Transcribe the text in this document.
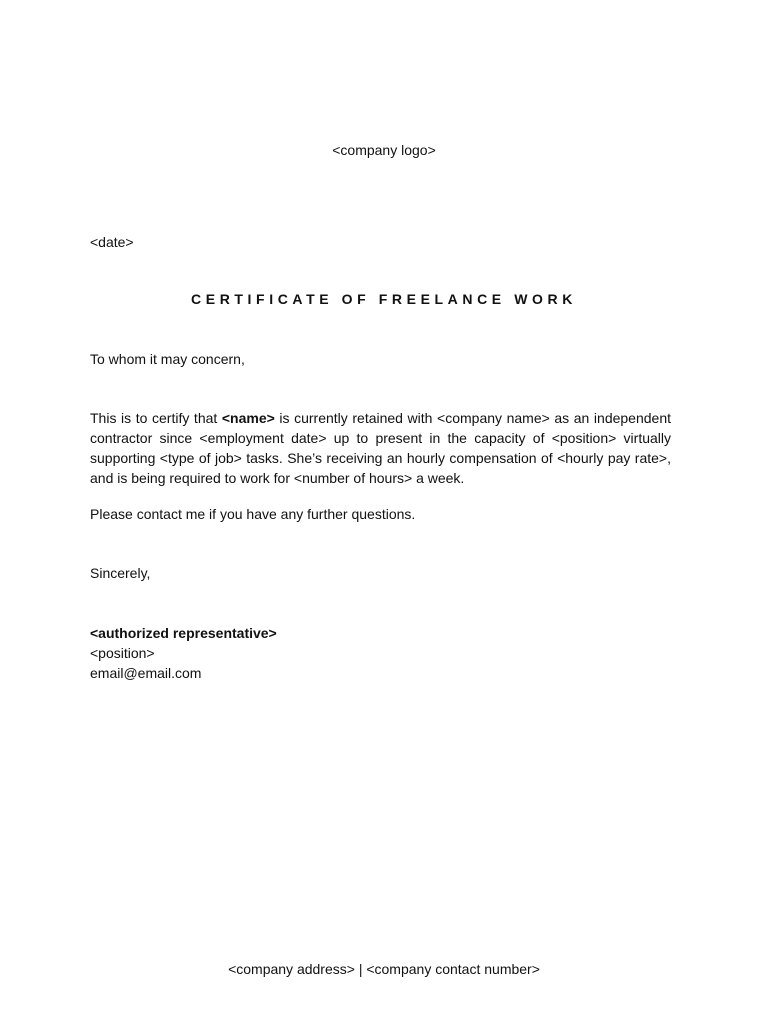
<company logo>
<date>
CERTIFICATE OF FREELANCE WORK
To whom it may concern,
This is to certify that <name> is currently retained with <company name> as an independent contractor since <employment date> up to present in the capacity of <position> virtually supporting <type of job> tasks. She’s receiving an hourly compensation of <hourly pay rate>, and is being required to work for <number of hours> a week.
Please contact me if you have any further questions.
Sincerely,
<authorized representative>
<position>
email@email.com
<company address> | <company contact number>
